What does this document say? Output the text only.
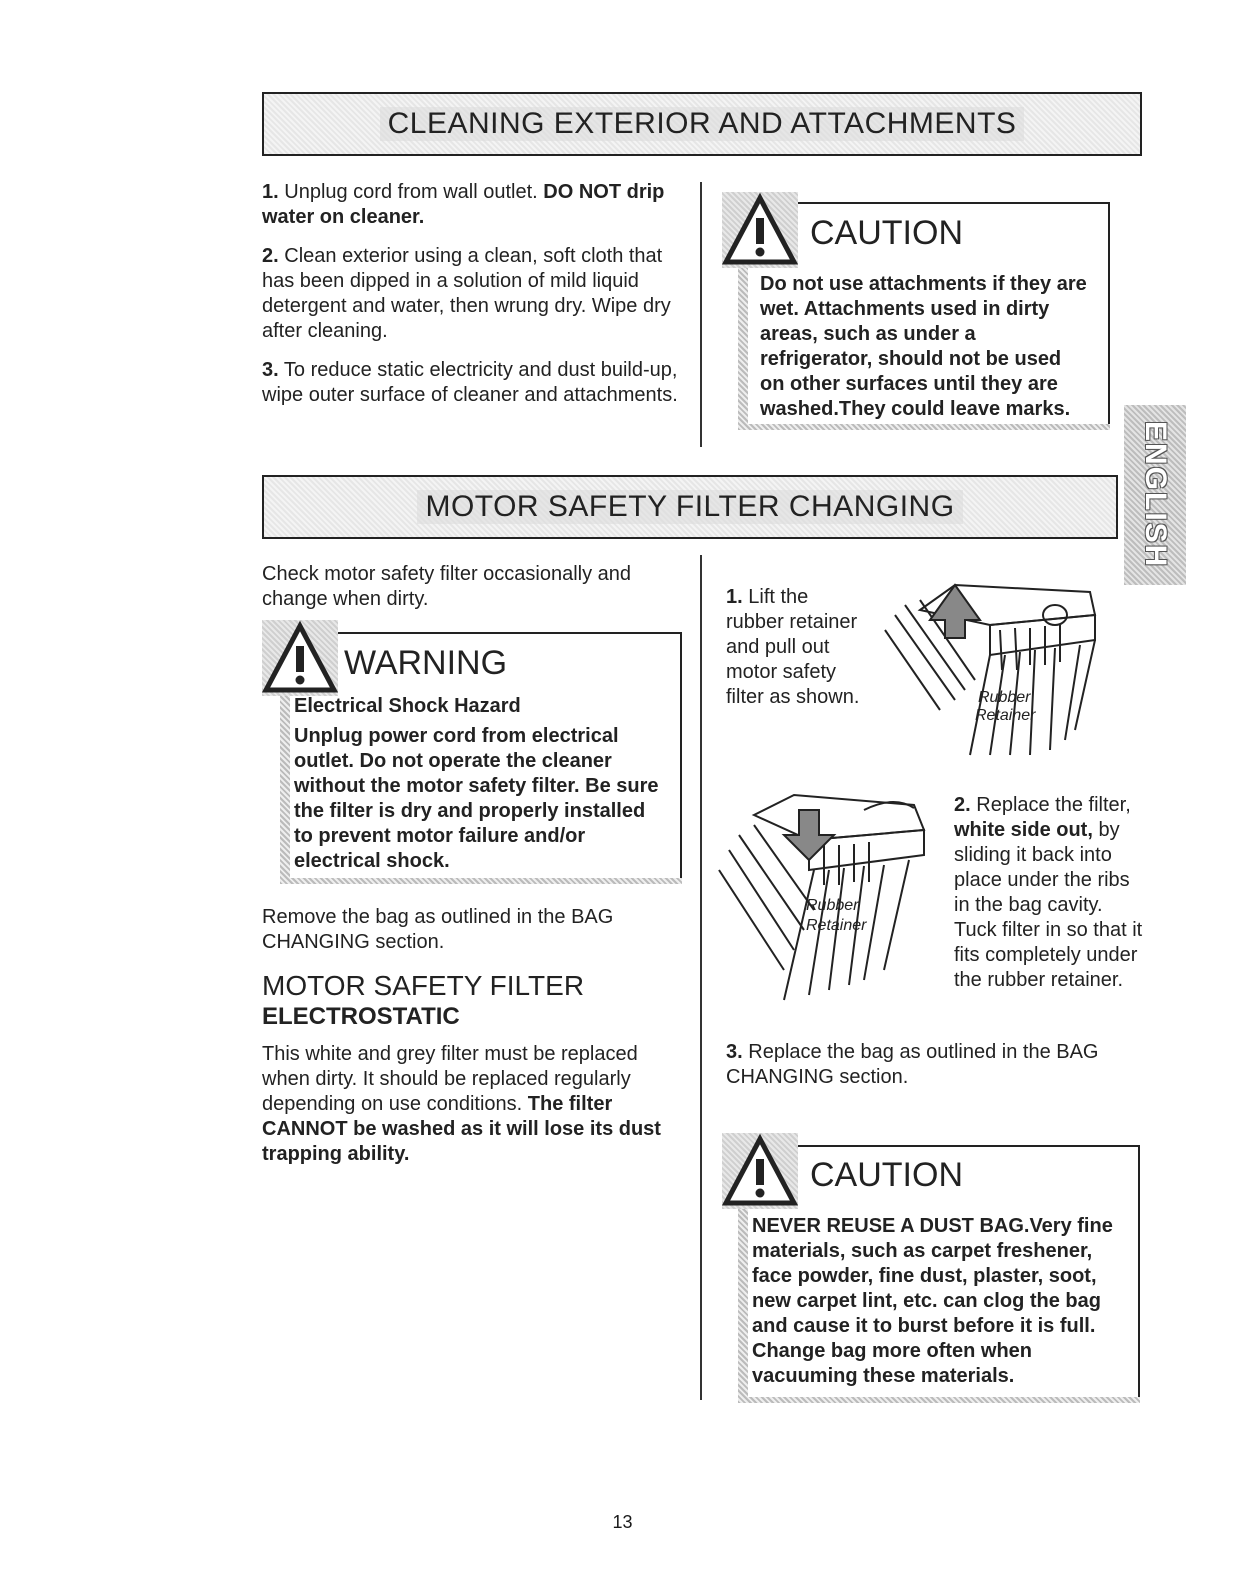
CLEANING EXTERIOR AND ATTACHMENTS

1. Unplug cord from wall outlet. DO NOT drip water on cleaner.

2. Clean exterior using a clean, soft cloth that has been dipped in a solution of mild liquid detergent and water, then wrung dry. Wipe dry after cleaning.

3. To reduce static electricity and dust build-up, wipe outer surface of cleaner and attachments.

CAUTION
Do not use attachments if they are wet. Attachments used in dirty areas, such as under a refrigerator, should not be used on other surfaces until they are washed.They could leave marks.
ENGLISH
MOTOR SAFETY FILTER CHANGING
Check motor safety filter occasionally and change when dirty.
WARNING
Electrical Shock Hazard
Unplug power cord from electrical outlet. Do not operate the cleaner without the motor safety filter. Be sure the filter is dry and properly installed to prevent motor failure and/or electrical shock.
Remove the bag as outlined in the BAG CHANGING section.
MOTOR SAFETY FILTER
ELECTROSTATIC
This white and grey filter must be replaced when dirty. It should be replaced regularly depending on use conditions. The filter CANNOT be washed as it will lose its dust trapping ability.
1. Lift the rubber retainer and pull out motor safety filter as shown.	Rubber
Retainer
Rubber
Retainer
2. Replace the filter, white side out, by sliding it back into place under the ribs in the bag cavity. Tuck filter in so that it fits completely under the rubber retainer.
3. Replace the bag as outlined in the BAG CHANGING section.
CAUTION
NEVER REUSE A DUST BAG.Very fine materials, such as carpet freshener, face powder, fine dust, plaster, soot, new carpet lint, etc. can clog the bag and cause it to burst before it is full. Change bag more often when vacuuming these materials.
13
